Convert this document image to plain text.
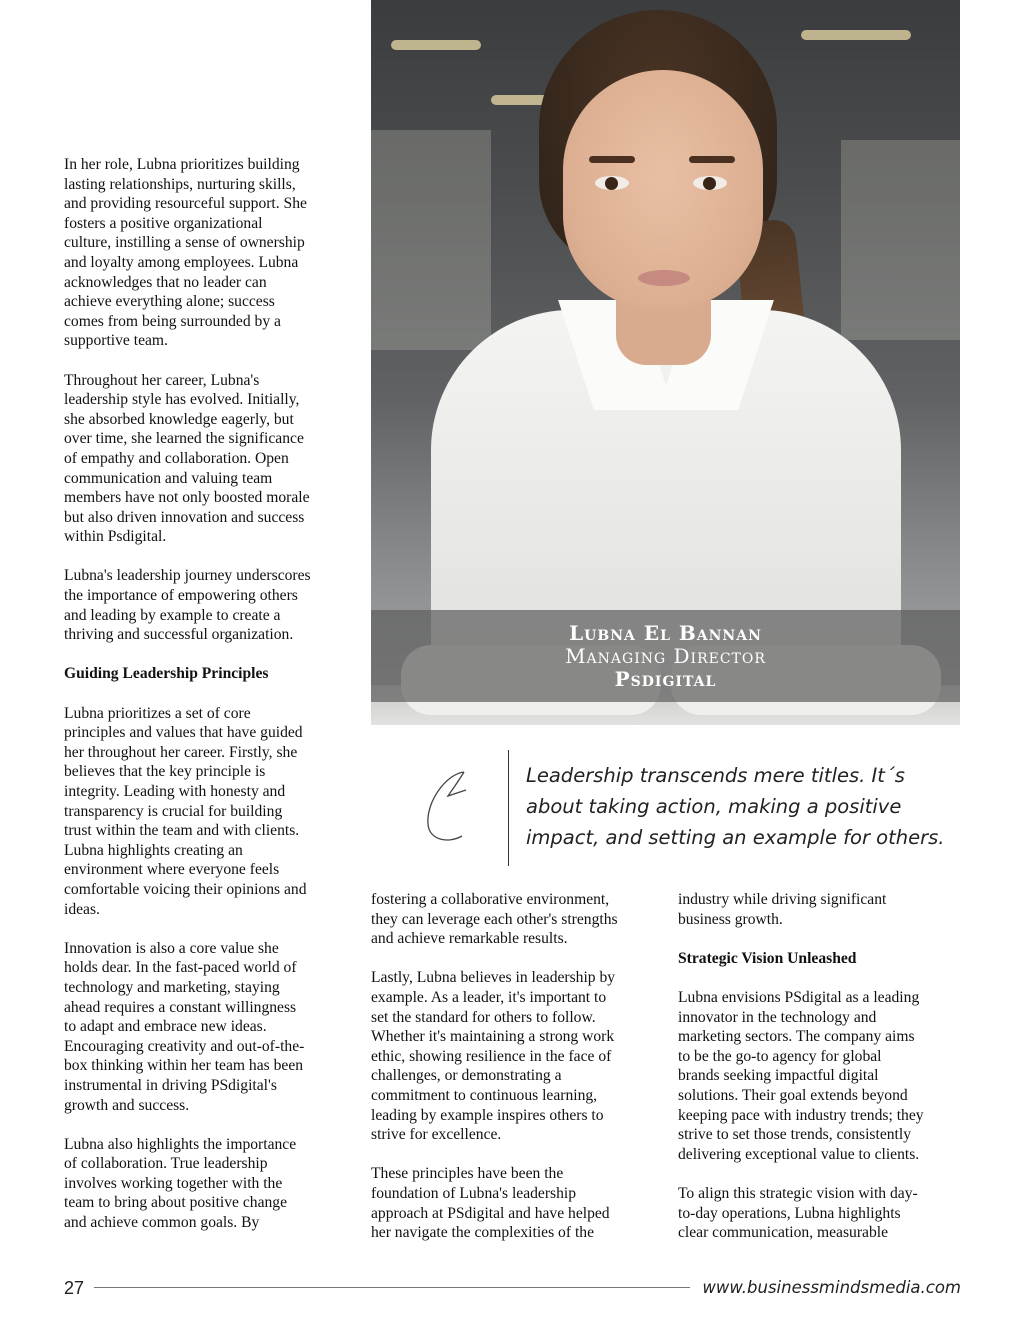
In her role, Lubna prioritizes building
lasting relationships, nurturing skills,
and providing resourceful support. She
fosters a positive organizational
culture, instilling a sense of ownership
and loyalty among employees. Lubna
acknowledges that no leader can
achieve everything alone; success
comes from being surrounded by a
supportive team.

Throughout her career, Lubna's
leadership style has evolved. Initially,
she absorbed knowledge eagerly, but
over time, she learned the significance
of empathy and collaboration. Open
communication and valuing team
members have not only boosted morale
but also driven innovation and success
within Psdigital.

Lubna's leadership journey underscores
the importance of empowering others
and leading by example to create a
thriving and successful organization.

Guiding Leadership Principles

Lubna prioritizes a set of core
principles and values that have guided
her throughout her career. Firstly, she
believes that the key principle is
integrity. Leading with honesty and
transparency is crucial for building
trust within the team and with clients.
Lubna highlights creating an
environment where everyone feels
comfortable voicing their opinions and
ideas.

Innovation is also a core value she
holds dear. In the fast-paced world of
technology and marketing, staying
ahead requires a constant willingness
to adapt and embrace new ideas.
Encouraging creativity and out-of-the-
box thinking within her team has been
instrumental in driving PSdigital's
growth and success.

Lubna also highlights the importance
of collaboration. True leadership
involves working together with the
team to bring about positive change
and achieve common goals. By

Lubna El Bannan
Managing Director
Psdigital
Leadership transcends mere titles. It´s
about taking action, making a positive
impact, and setting an example for others.

fostering a collaborative environment,
they can leverage each other's strengths
and achieve remarkable results.

Lastly, Lubna believes in leadership by
example. As a leader, it's important to
set the standard for others to follow.
Whether it's maintaining a strong work
ethic, showing resilience in the face of
challenges, or demonstrating a
commitment to continuous learning,
leading by example inspires others to
strive for excellence.

These principles have been the
foundation of Lubna's leadership
approach at PSdigital and have helped
her navigate the complexities of the

industry while driving significant
business growth.

Strategic Vision Unleashed

Lubna envisions PSdigital as a leading
innovator in the technology and
marketing sectors. The company aims
to be the go-to agency for global
brands seeking impactful digital
solutions. Their goal extends beyond
keeping pace with industry trends; they
strive to set those trends, consistently
delivering exceptional value to clients.

To align this strategic vision with day-
to-day operations, Lubna highlights
clear communication, measurable

27	www.businessmindsmedia.com
